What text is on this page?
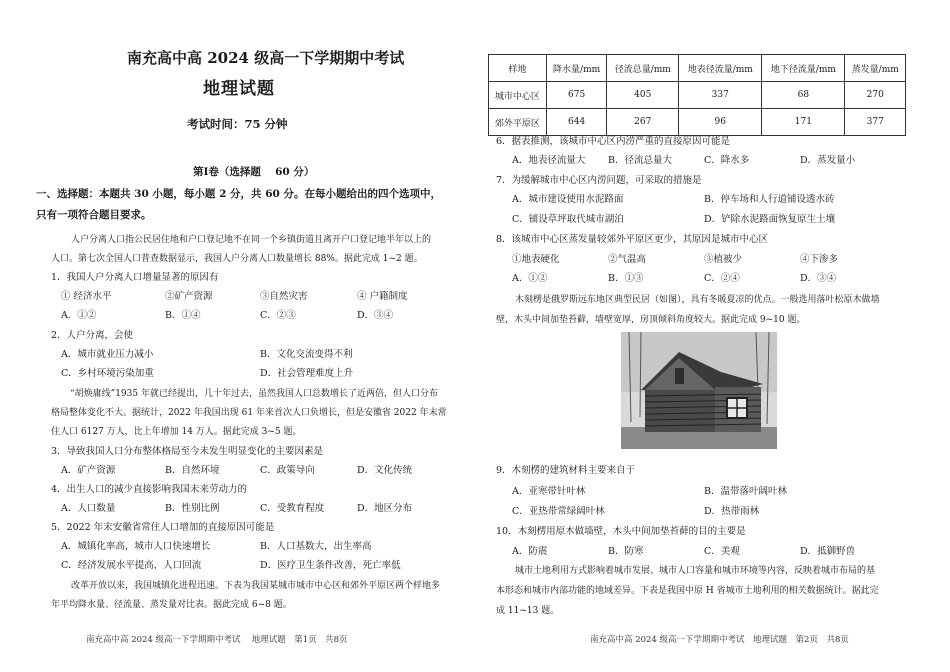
南充高中高 2024 级高一下学期期中考试
地理试题
考试时间：75 分钟
第Ⅰ卷（选择题　 60 分）
一、选择题：本题共 30 小题，每小题 2 分，共 60 分。在每小题给出的四个选项中，
只有一项符合题目要求。
人户分离人口指公民居住地和户口登记地不在同一个乡镇街道且离开户口登记地半年以上的
人口。第七次全国人口普查数据显示，我国人户分离人口数量增长 88%。据此完成 1~2 题。
1．我国人户分离人口增量显著的原因有
① 经济水平	②矿产资源	③自然灾害	④ 户籍制度
A．①②	B．①④	C．②③	D．③④
2．人户分离，会使
A．城市就业压力减小	B．文化交流变得不利
C．乡村环境污染加重	D．社会管理难度上升
“胡焕庸线”1935 年就已经提出，几十年过去，虽然我国人口总数增长了近两倍，但人口分布
格局整体变化不大。据统计，2022 年我国出现 61 年来首次人口负增长，但是安徽省 2022 年末常
住人口 6127 万人，比上年增加 14 万人。据此完成 3~5 题。
3．导致我国人口分布整体格局至今未发生明显变化的主要因素是
A．矿产资源	B．自然环境	C．政策导向	D．文化传统
4．出生人口的减少直接影响我国未来劳动力的
A．人口数量	B．性别比例	C．受教育程度	D．地区分布
5．2022 年末安徽省常住人口增加的直接原因可能是
A．城镇化率高，城市人口快速增长	B．人口基数大，出生率高
C．经济发展水平提高，人口回流	D．医疗卫生条件改善，死亡率低
改革开放以来，我国城镇化进程迅速。下表为我国某城市城市中心区和郊外平原区两个样地多
年平均降水量、径流量、蒸发量对比表。据此完成 6~8 题。
南充高中高 2024 级高一下学期期中考试　 地理试题　第1页　共8页
样地	降水量/mm	径流总量/mm	地表径流量/mm	地下径流量/mm	蒸发量/mm
城市中心区	675	405	337	68	270
郊外平原区	644	267	96	171	377
6．据表推测，该城市中心区内涝严重的直接原因可能是
A．地表径流量大 B．径流总量大	C．降水多	D．蒸发量小
7．为缓解城市中心区内涝问题，可采取的措施是
A．城市建设使用水泥路面	B．停车场和人行道铺设透水砖
C．铺设草坪取代城市湖泊	D．铲除水泥路面恢复原生土壤
8．该城市中心区蒸发量较郊外平原区更少，其原因是城市中心区
①地表硬化	②气温高	③植被少	④下渗多
A．①②	B．①③	C．②④	D．③④
木刻楞是俄罗斯远东地区典型民居（如图），具有冬暖夏凉的优点。一般选用落叶松原木做墙
壁，木头中间加垫苔藓，墙壁宽厚，房顶倾斜角度较大。据此完成 9~10 题。
9．木刻楞的建筑材料主要来自于
A．亚寒带针叶林	B．温带落叶阔叶林
C．亚热带常绿阔叶林	D．热带雨林
10．木刻楞用原木做墙壁，木头中间加垫苔藓的目的主要是
A．防震	B．防寒	C．美观	D．抵御野兽
城市土地利用方式影响着城市发展、城市人口容量和城市环境等内容，反映着城市布局的基
本形态和城市内部功能的地域差异。下表是我国中原 H 省城市土地利用的相关数据统计。据此完
成 11~13 题。
南充高中高 2024 级高一下学期期中考试　地理试题　第2页　共8页
